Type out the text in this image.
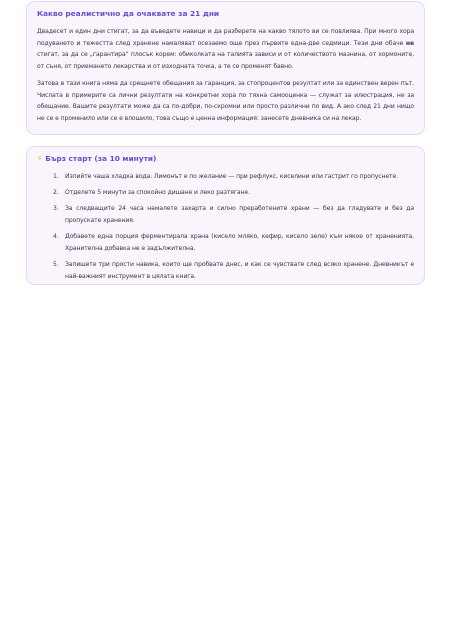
Какво реалистично да очаквате за 21 дни

Двадесет и един дни стигат, за да въведете навици и да разберете на какво тялото ви се повлиява. При много хора подуването и тежестта след хранене намаляват осезаемо още през първите една-две седмици. Тези дни обаче не стигат, за да се „гарантира“ плосък корем: обиколката на талията зависи и от количеството мазнина, от хормоните, от съня, от приемането лекарства и от изходната точка, а те се променят бавно.

Затова в тази книга няма да срещнете обещания за гаранция, за стопроцентов резултат или за единствен верен път. Числата в примерите са лични резултати на конкретни хора по тяхна самооценка — служат за илюстрация, не за обещание. Вашите резултати може да са по-добри, по-скромни или просто различни по вид. А ако след 21 дни нищо не се е променило или се е влошило, това също е ценна информация: занесете дневника си на лекар.

⚡ Бърз старт (за 10 минути)
1. Изпийте чаша хладка вода. Лимонът е по желание — при рефлукс, киселини или гастрит го пропуснете.
2. Отделете 5 минути за спокойно дишане и леко разтягане.
3. За следващите 24 часа намалете захарта и силно преработените храни — без да гладувате и без да пропускате хранения.
4. Добавете една порция ферментирала храна (кисело мляко, кефир, кисело зеле) към някое от храненията. Хранителна добавка не е задължителна.
5. Запишете три прости навика, които ще пробвате днес, и как се чувствате след всяко хранене. Дневникът е най-важният инструмент в цялата книга.
